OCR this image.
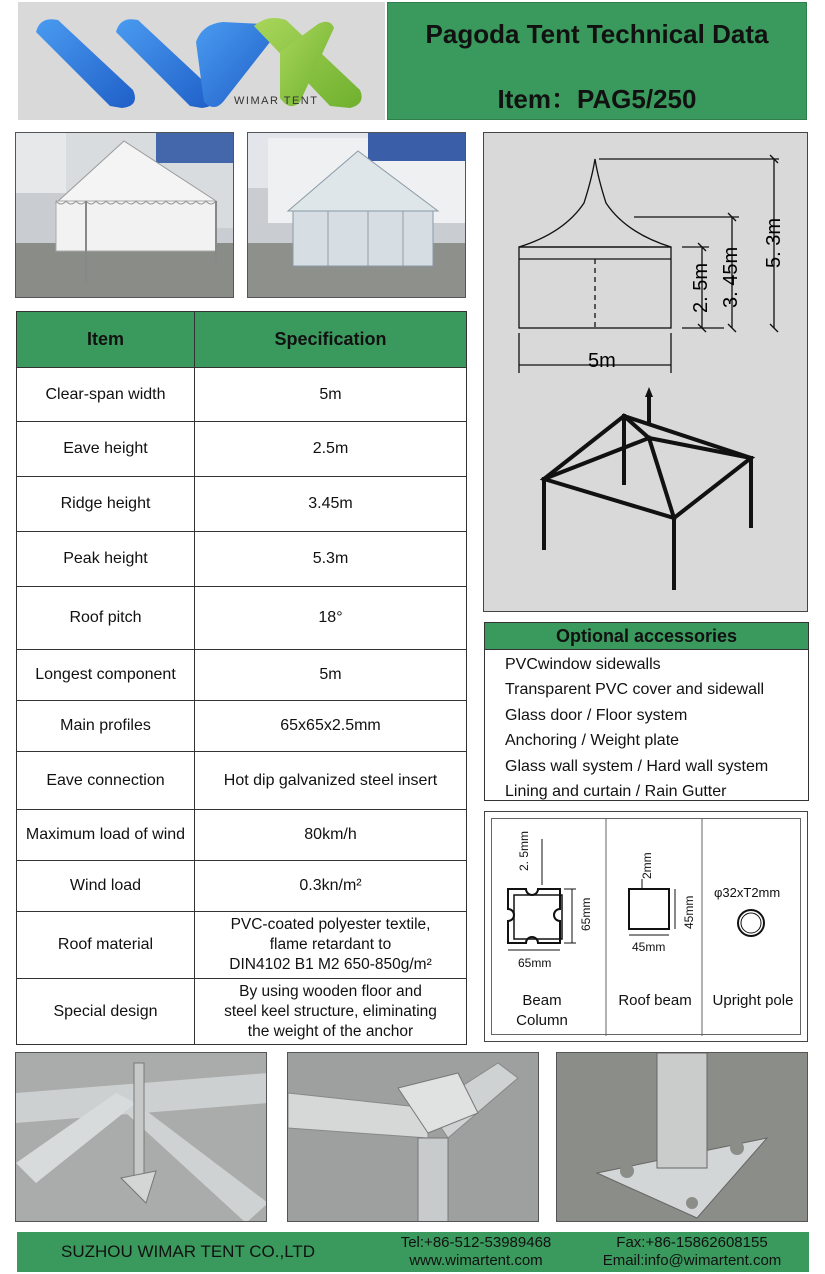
WIMAR TENT
Pagoda Tent Technical Data
Item：PAG5/250
Item	Specification
Clear-span width	5m
Eave height	2.5m
Ridge height	3.45m
Peak height	5.3m
Roof pitch	18°
Longest component	5m
Main profiles	65x65x2.5mm
Eave connection	Hot dip galvanized steel insert
Maximum load of wind	80km/h
Wind load	0.3kn/m²
Roof material	PVC-coated polyester textile,
flame retardant to
DIN4102 B1 M2 650-850g/m²

Special design	By using wooden floor and
steel keel structure, eliminating
the weight of the anchor
5m
2. 5m 3. 45m
5. 3m
Optional accessories
PVCwindow sidewalls
Transparent PVC cover and sidewall
Glass door / Floor system
Anchoring / Weight plate
Glass wall system / Hard wall system
Lining and curtain / Rain Gutter
2. 5mm
65mm
65mm
Beam
Column
2mm
45mm
45mm
Roof beam
φ32xT2mm
Upright pole
SUZHOU WIMAR TENT CO.,LTD	Tel:+86-512-53989468
www.wimartent.com
Fax:+86-15862608155
Email:info@wimartent.com
